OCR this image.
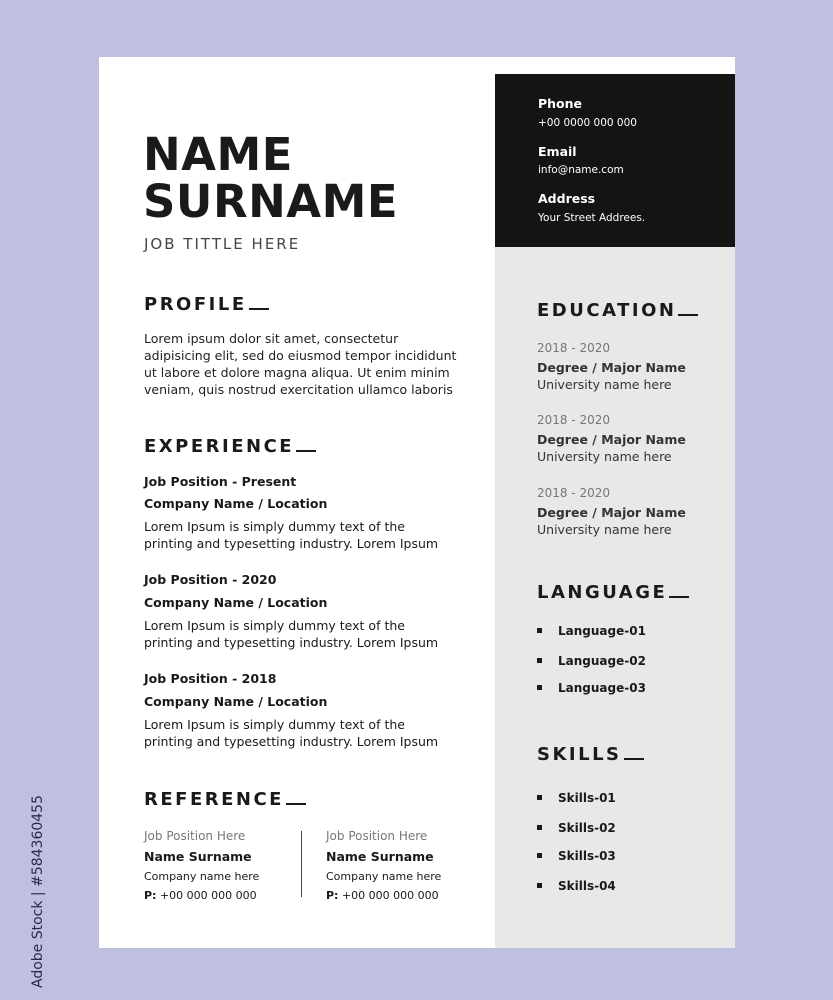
NAME
SURNAME
JOB TITTLE HERE
PROFILE
Lorem ipsum dolor sit amet, consectetur
adipisicing elit, sed do eiusmod tempor incididunt
ut labore et dolore magna aliqua. Ut enim minim
veniam, quis nostrud exercitation ullamco laboris
EXPERIENCE
Job Position - Present
Company Name / Location
Lorem Ipsum is simply dummy text of the
printing and typesetting industry. Lorem Ipsum
Job Position - 2020
Company Name / Location
Lorem Ipsum is simply dummy text of the
printing and typesetting industry. Lorem Ipsum
Job Position - 2018
Company Name / Location
Lorem Ipsum is simply dummy text of the
printing and typesetting industry. Lorem Ipsum
REFERENCE
Job Position Here
Name Surname
Company name here
P: +00 000 000 000
Job Position Here
Name Surname
Company name here
P: +00 000 000 000
Phone
+00 0000 000 000
Email
info@name.com
Address
Your Street Addrees.
EDUCATION
2018 - 2020
Degree / Major Name
University name here
2018 - 2020
Degree / Major Name
University name here
2018 - 2020
Degree / Major Name
University name here
LANGUAGE
Language-01
Language-02
Language-03
SKILLS
Skills-01
Skills-02
Skills-03
Skills-04
Adobe Stock | #584360455
